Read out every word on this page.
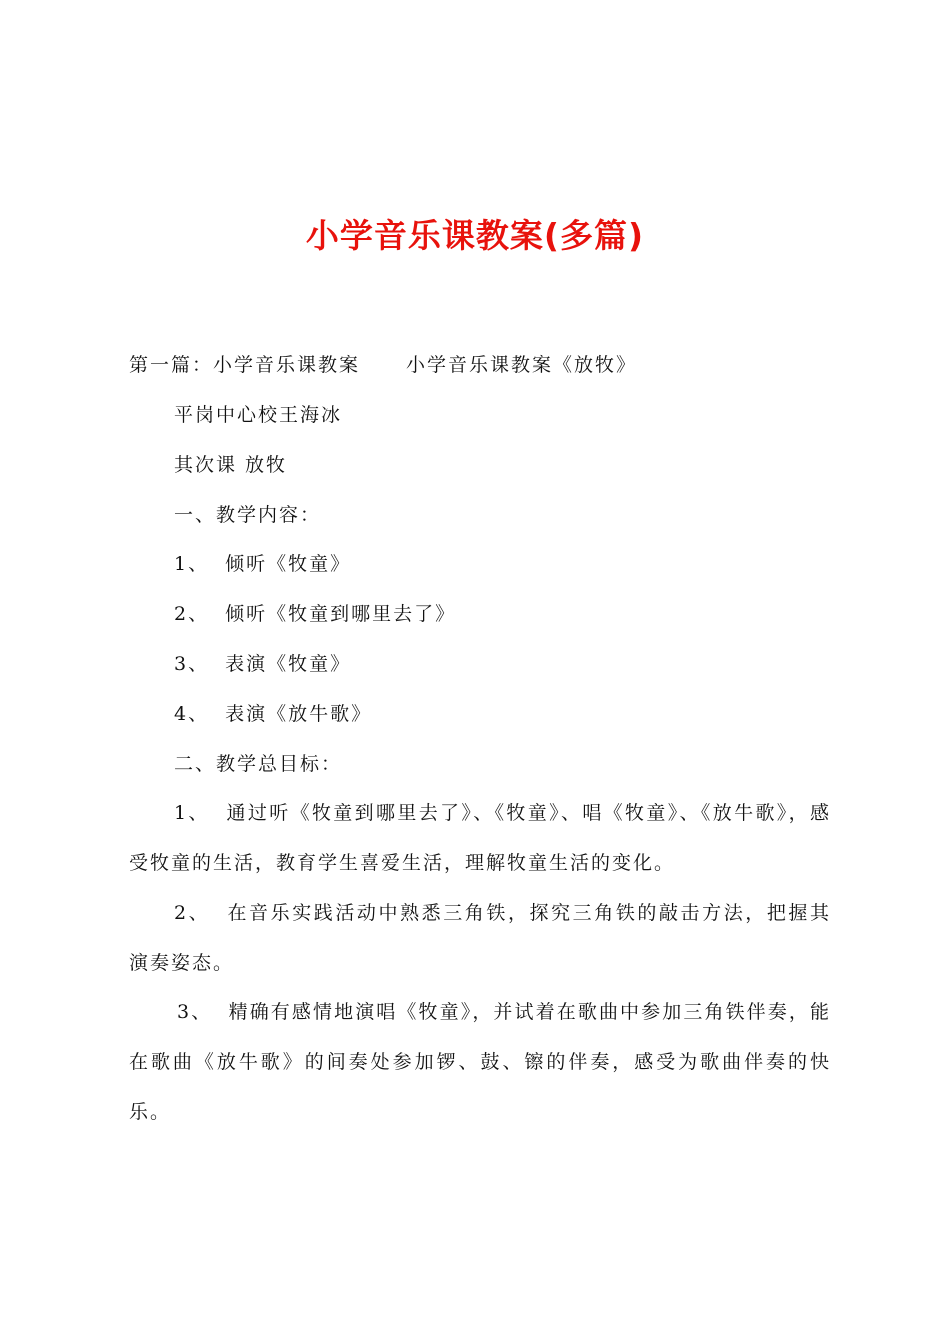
小学音乐课教案(多篇)
第一篇：小学音乐课教案 小学音乐课教案《放牧》
平岗中心校王海冰
其次课 放牧
一、教学内容：
1、  倾听《牧童》
2、  倾听《牧童到哪里去了》
3、  表演《牧童》
4、  表演《放牛歌》
二、教学总目标：
1、  通过听《牧童到哪里去了》、《牧童》、唱《牧童》、《放牛歌》，感受牧童的生活，教育学生喜爱生活，理解牧童生活的变化。
2、  在音乐实践活动中熟悉三角铁，探究三角铁的敲击方法，把握其演奏姿态。
3、  精确有感情地演唱《牧童》，并试着在歌曲中参加三角铁伴奏，能在歌曲《放牛歌》的间奏处参加锣、鼓、镲的伴奏，感受为歌曲伴奏的快乐。
